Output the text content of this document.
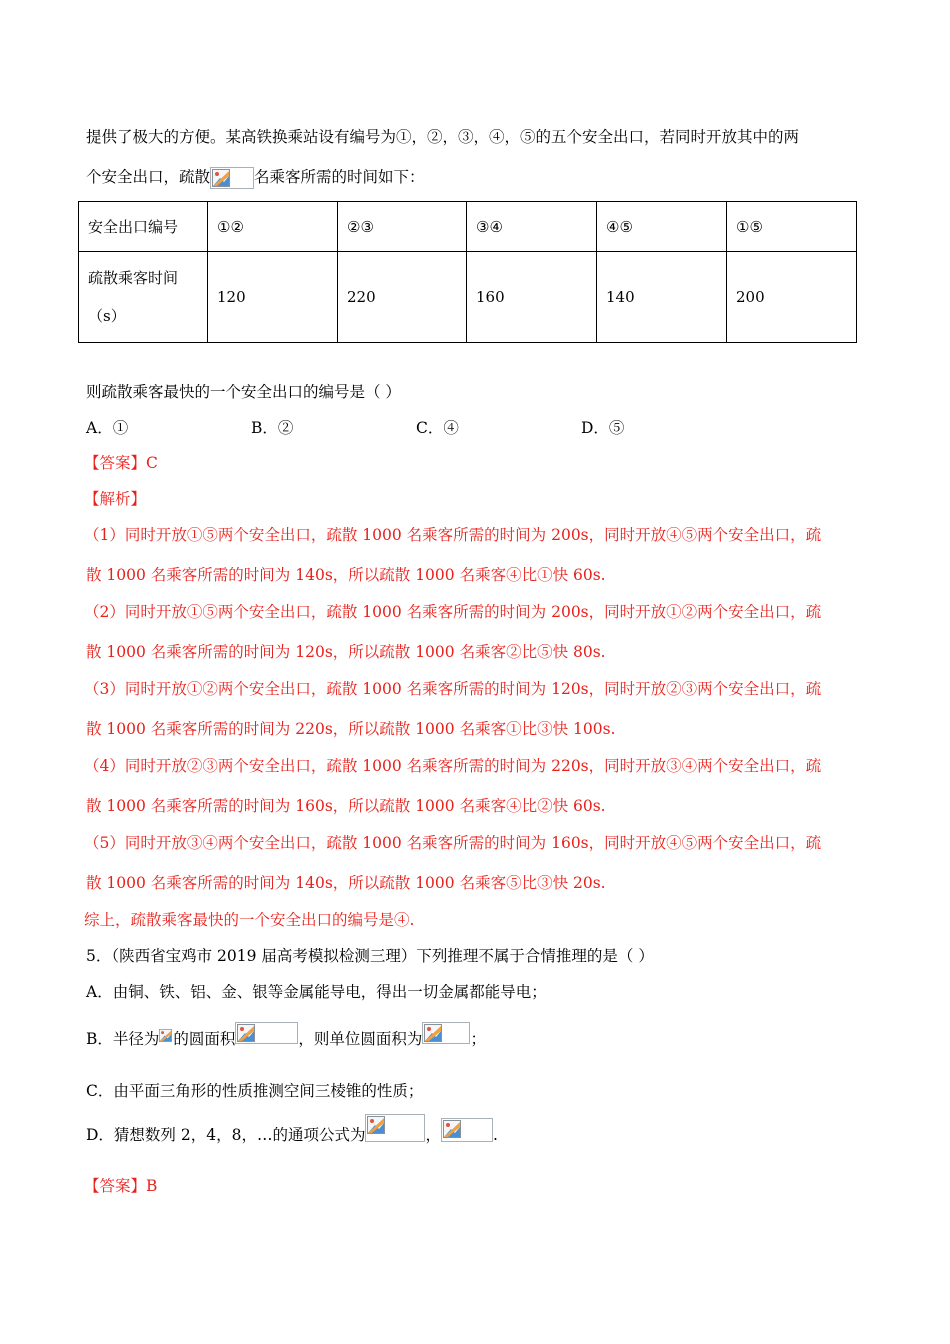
提供了极大的方便。某高铁换乘站设有编号为①，②，③，④，⑤的五个安全出口，若同时开放其中的两
个安全出口，疏散	名乘客所需的时间如下：
安全出口编号	①②	②③	③④	④⑤	①⑤

疏散乘客时间
（s）	120	220	160	140	200
则疏散乘客最快的一个安全出口的编号是（ ）
A．①	B．②	C．④	D．⑤
【答案】C
【解析】
（1）同时开放①⑤两个安全出口，疏散 1000 名乘客所需的时间为 200s，同时开放④⑤两个安全出口，疏
散 1000 名乘客所需的时间为 140s，所以疏散 1000 名乘客④比①快 60s.
（2）同时开放①⑤两个安全出口，疏散 1000 名乘客所需的时间为 200s，同时开放①②两个安全出口，疏
散 1000 名乘客所需的时间为 120s，所以疏散 1000 名乘客②比⑤快 80s.
（3）同时开放①②两个安全出口，疏散 1000 名乘客所需的时间为 120s，同时开放②③两个安全出口，疏
散 1000 名乘客所需的时间为 220s，所以疏散 1000 名乘客①比③快 100s.
（4）同时开放②③两个安全出口，疏散 1000 名乘客所需的时间为 220s，同时开放③④两个安全出口，疏
散 1000 名乘客所需的时间为 160s，所以疏散 1000 名乘客④比②快 60s.
（5）同时开放③④两个安全出口，疏散 1000 名乘客所需的时间为 160s，同时开放④⑤两个安全出口，疏
散 1000 名乘客所需的时间为 140s，所以疏散 1000 名乘客⑤比③快 20s.
综上，疏散乘客最快的一个安全出口的编号是④.
5．（陕西省宝鸡市 2019 届高考模拟检测三理）下列推理不属于合情推理的是（ ）
A．由铜、铁、铝、金、银等金属能导电，得出一切金属都能导电；
B．半径为 的圆面积	，则单位圆面积为	；
C．由平面三角形的性质推测空间三棱锥的性质；
D．猜想数列 2，4，8，…的通项公式为	，	.
【答案】B
